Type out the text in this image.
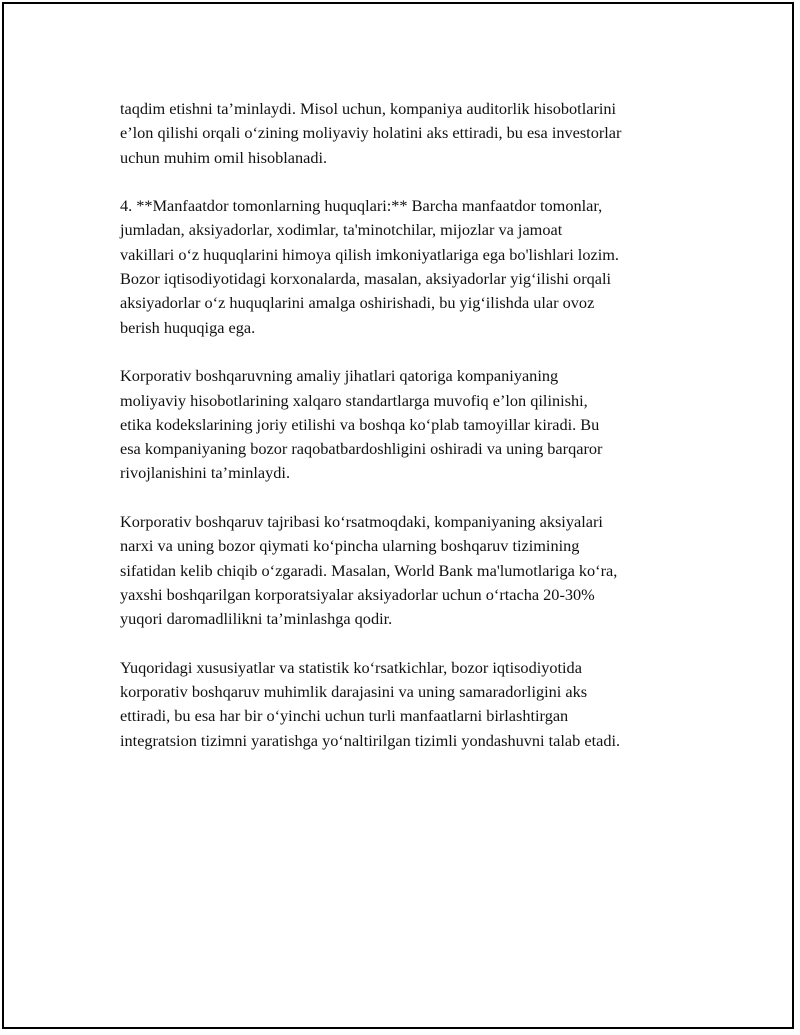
taqdim etishni ta’minlaydi. Misol uchun, kompaniya auditorlik hisobotlarini
e’lon qilishi orqali o‘zining moliyaviy holatini aks ettiradi, bu esa investorlar
uchun muhim omil hisoblanadi.

4. **Manfaatdor tomonlarning huquqlari:** Barcha manfaatdor tomonlar,
jumladan, aksiyadorlar, xodimlar, ta'minotchilar, mijozlar va jamoat
vakillari o‘z huquqlarini himoya qilish imkoniyatlariga ega bo'lishlari lozim.
Bozor iqtisodiyotidagi korxonalarda, masalan, aksiyadorlar yig‘ilishi orqali
aksiyadorlar o‘z huquqlarini amalga oshirishadi, bu yig‘ilishda ular ovoz
berish huquqiga ega.

Korporativ boshqaruvning amaliy jihatlari qatoriga kompaniyaning
moliyaviy hisobotlarining xalqaro standartlarga muvofiq e’lon qilinishi,
etika kodekslarining joriy etilishi va boshqa ko‘plab tamoyillar kiradi. Bu
esa kompaniyaning bozor raqobatbardoshligini oshiradi va uning barqaror
rivojlanishini ta’minlaydi.

Korporativ boshqaruv tajribasi ko‘rsatmoqdaki, kompaniyaning aksiyalari
narxi va uning bozor qiymati ko‘pincha ularning boshqaruv tizimining
sifatidan kelib chiqib o‘zgaradi. Masalan, World Bank ma'lumotlariga ko‘ra,
yaxshi boshqarilgan korporatsiyalar aksiyadorlar uchun o‘rtacha 20-30%
yuqori daromadlilikni ta’minlashga qodir.

Yuqoridagi xususiyatlar va statistik ko‘rsatkichlar, bozor iqtisodiyotida
korporativ boshqaruv muhimlik darajasini va uning samaradorligini aks
ettiradi, bu esa har bir o‘yinchi uchun turli manfaatlarni birlashtirgan
integratsion tizimni yaratishga yo‘naltirilgan tizimli yondashuvni talab etadi.
